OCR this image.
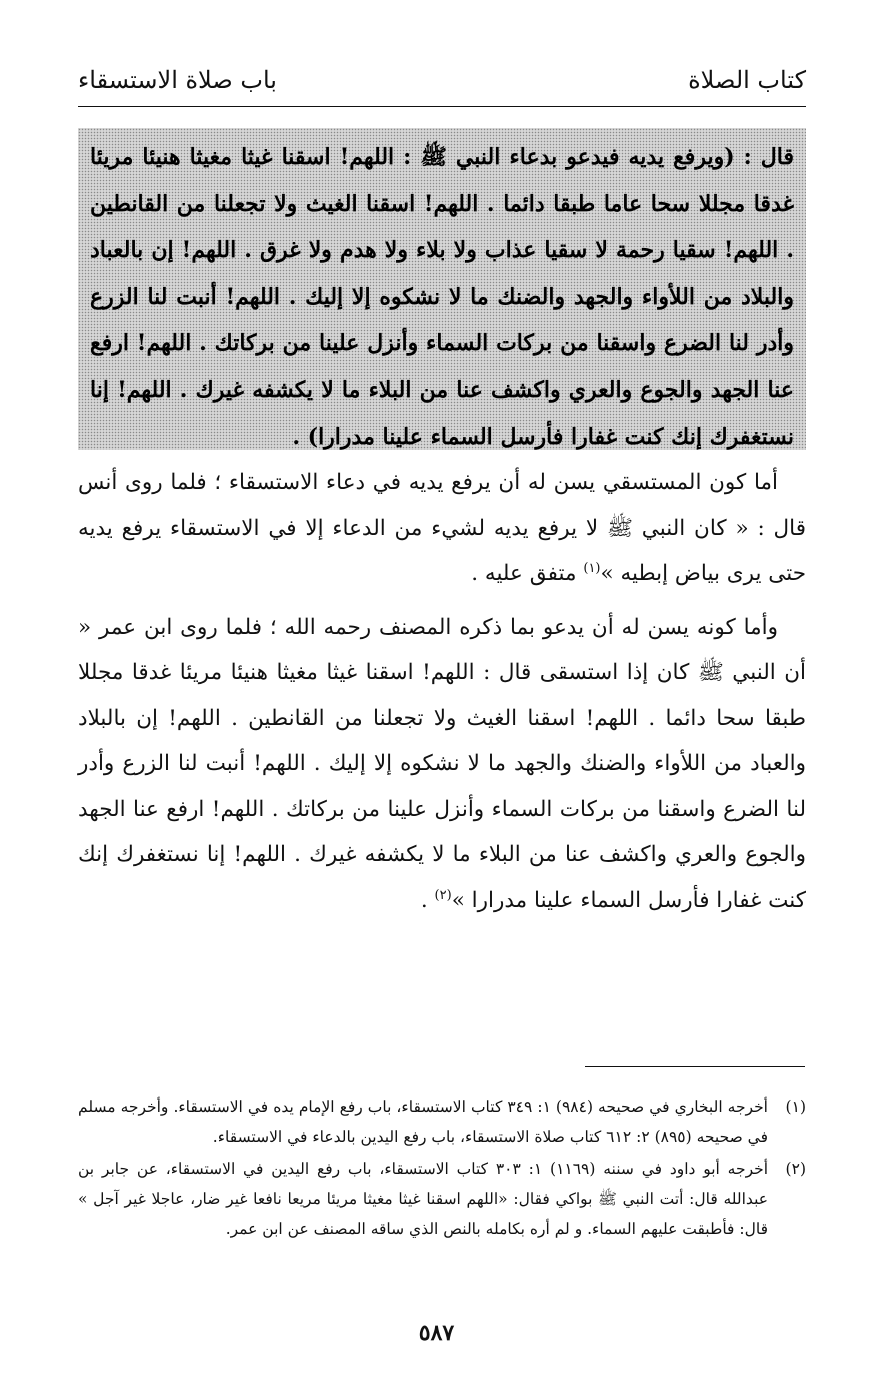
كتاب الصلاة
باب صلاة الاستسقاء

قال : (ويرفع يديه فيدعو بدعاء النبي ﷺ : اللهم! اسقنا غيثا مغيثا هنيئا مريئا غدقا مجللا سحا عاما طبقا دائما . اللهم! اسقنا الغيث ولا تجعلنا من القانطين . اللهم! سقيا رحمة لا سقيا عذاب ولا بلاء ولا هدم ولا غرق . اللهم! إن بالعباد والبلاد من اللأواء والجهد والضنك ما لا نشكوه إلا إليك . اللهم! أنبت لنا الزرع وأدر لنا الضرع واسقنا من بركات السماء وأنزل علينا من بركاتك . اللهم! ارفع عنا الجهد والجوع والعري واكشف عنا من البلاء ما لا يكشفه غيرك . اللهم! إنا نستغفرك إنك كنت غفارا فأرسل السماء علينا مدرارا) .

أما كون المستسقي يسن له أن يرفع يديه في دعاء الاستسقاء ؛ فلما روى أنس قال : « كان النبي ﷺ لا يرفع يديه لشيء من الدعاء إلا في الاستسقاء يرفع يديه حتى يرى بياض إبطيه »$^{(١)}$ متفق عليه .

وأما كونه يسن له أن يدعو بما ذكره المصنف رحمه الله ؛ فلما روى ابن عمر « أن النبي ﷺ كان إذا استسقى قال : اللهم! اسقنا غيثا مغيثا هنيئا مريئا غدقا مجللا طبقا سحا دائما . اللهم! اسقنا الغيث ولا تجعلنا من القانطين . اللهم! إن بالبلاد والعباد من اللأواء والضنك والجهد ما لا نشكوه إلا إليك . اللهم! أنبت لنا الزرع وأدر لنا الضرع واسقنا من بركات السماء وأنزل علينا من بركاتك . اللهم! ارفع عنا الجهد والجوع والعري واكشف عنا من البلاء ما لا يكشفه غيرك . اللهم! إنا نستغفرك إنك كنت غفارا فأرسل السماء علينا مدرارا »$^{(٢)}$ .

(١)
أخرجه البخاري في صحيحه (٩٨٤) ١: ٣٤٩ كتاب الاستسقاء، باب رفع الإمام يده في الاستسقاء. وأخرجه مسلم في صحيحه (٨٩٥) ٢: ٦١٢ كتاب صلاة الاستسقاء، باب رفع اليدين بالدعاء في الاستسقاء.
(٢)
أخرجه أبو داود في سننه (١١٦٩) ١: ٣٠٣ كتاب الاستسقاء، باب رفع اليدين في الاستسقاء، عن جابر بن عبدالله قال: أتت النبي ﷺ بواكي فقال: «اللهم اسقنا غيثا مغيثا مريئا مريعا نافعا غير ضار، عاجلا غير آجل » قال: فأطبقت عليهم السماء. و لم أره بكامله بالنص الذي ساقه المصنف عن ابن عمر.
٥٨٧
